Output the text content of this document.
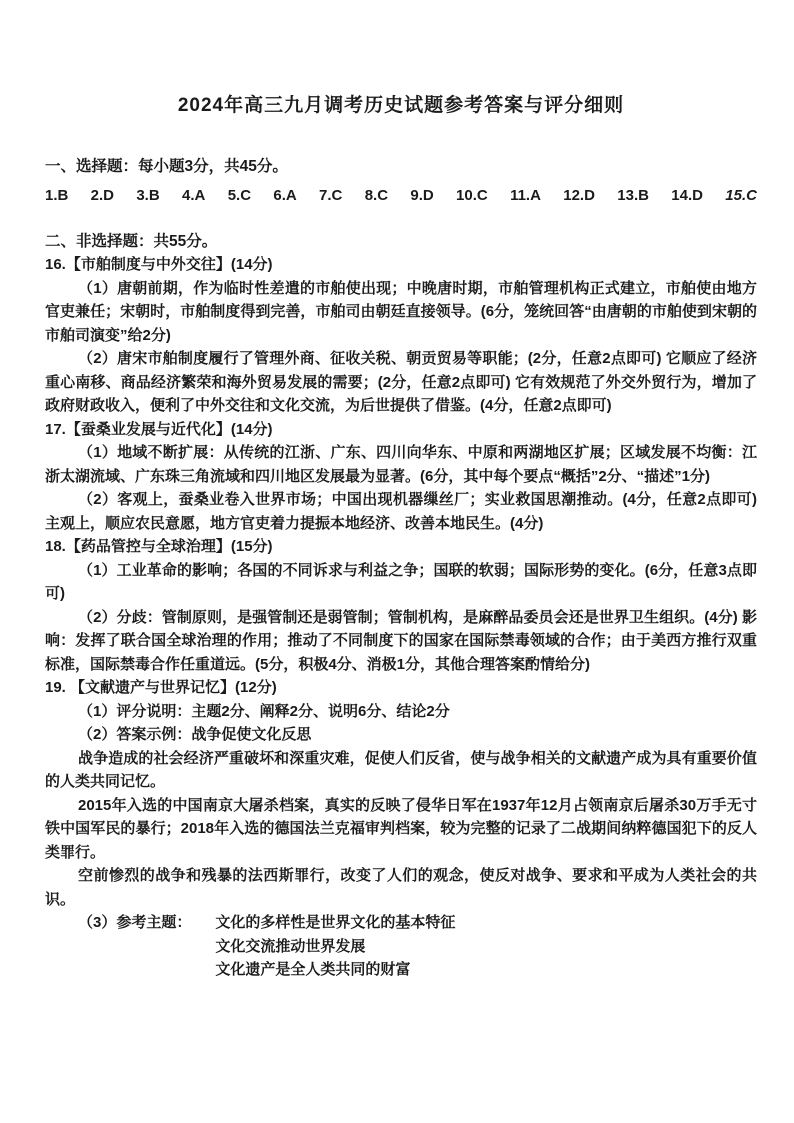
2024年高三九月调考历史试题参考答案与评分细则
一、选择题：每小题3分，共45分。
1.B 2.D 3.B 4.A 5.C 6.A 7.C 8.C 9.D 10.C 11.A 12.D 13.B 14.D 15.C
二、非选择题：共55分。
16.【市舶制度与中外交往】(14分)

（1）唐朝前期，作为临时性差遣的市舶使出现；中晚唐时期，市舶管理机构正式建立，市舶使由地方官吏兼任；宋朝时，市舶制度得到完善，市舶司由朝廷直接领导。(6分，笼统回答“由唐朝的市舶使到宋朝的市舶司演变”给2分)

（2）唐宋市舶制度履行了管理外商、征收关税、朝贡贸易等职能；(2分，任意2点即可) 它顺应了经济重心南移、商品经济繁荣和海外贸易发展的需要；(2分，任意2点即可) 它有效规范了外交外贸行为，增加了政府财政收入，便利了中外交往和文化交流，为后世提供了借鉴。(4分，任意2点即可)

17.【蚕桑业发展与近代化】(14分)

（1）地域不断扩展：从传统的江浙、广东、四川向华东、中原和两湖地区扩展；区域发展不均衡：江浙太湖流域、广东珠三角流域和四川地区发展最为显著。(6分，其中每个要点“概括”2分、“描述”1分)

（2）客观上，蚕桑业卷入世界市场；中国出现机器缫丝厂；实业救国思潮推动。(4分，任意2点即可) 主观上，顺应农民意愿，地方官吏着力提振本地经济、改善本地民生。(4分)

18.【药品管控与全球治理】(15分)

（1）工业革命的影响；各国的不同诉求与利益之争；国联的软弱；国际形势的变化。(6分，任意3点即可)

（2）分歧：管制原则，是强管制还是弱管制；管制机构，是麻醉品委员会还是世界卫生组织。(4分) 影响：发挥了联合国全球治理的作用；推动了不同制度下的国家在国际禁毒领域的合作；由于美西方推行双重标准，国际禁毒合作任重道远。(5分，积极4分、消极1分，其他合理答案酌情给分)

19. 【文献遗产与世界记忆】(12分)

（1）评分说明：主题2分、阐释2分、说明6分、结论2分

（2）答案示例：战争促使文化反思

战争造成的社会经济严重破坏和深重灾难，促使人们反省，使与战争相关的文献遗产成为具有重要价值的人类共同记忆。

2015年入选的中国南京大屠杀档案，真实的反映了侵华日军在1937年12月占领南京后屠杀30万手无寸铁中国军民的暴行；2018年入选的德国法兰克福审判档案，较为完整的记录了二战期间纳粹德国犯下的反人类罪行。

空前惨烈的战争和残暴的法西斯罪行，改变了人们的观念，使反对战争、要求和平成为人类社会的共识。

（3）参考主题： 文化的多样性是世界文化的基本特征
文化交流推动世界发展
文化遗产是全人类共同的财富
